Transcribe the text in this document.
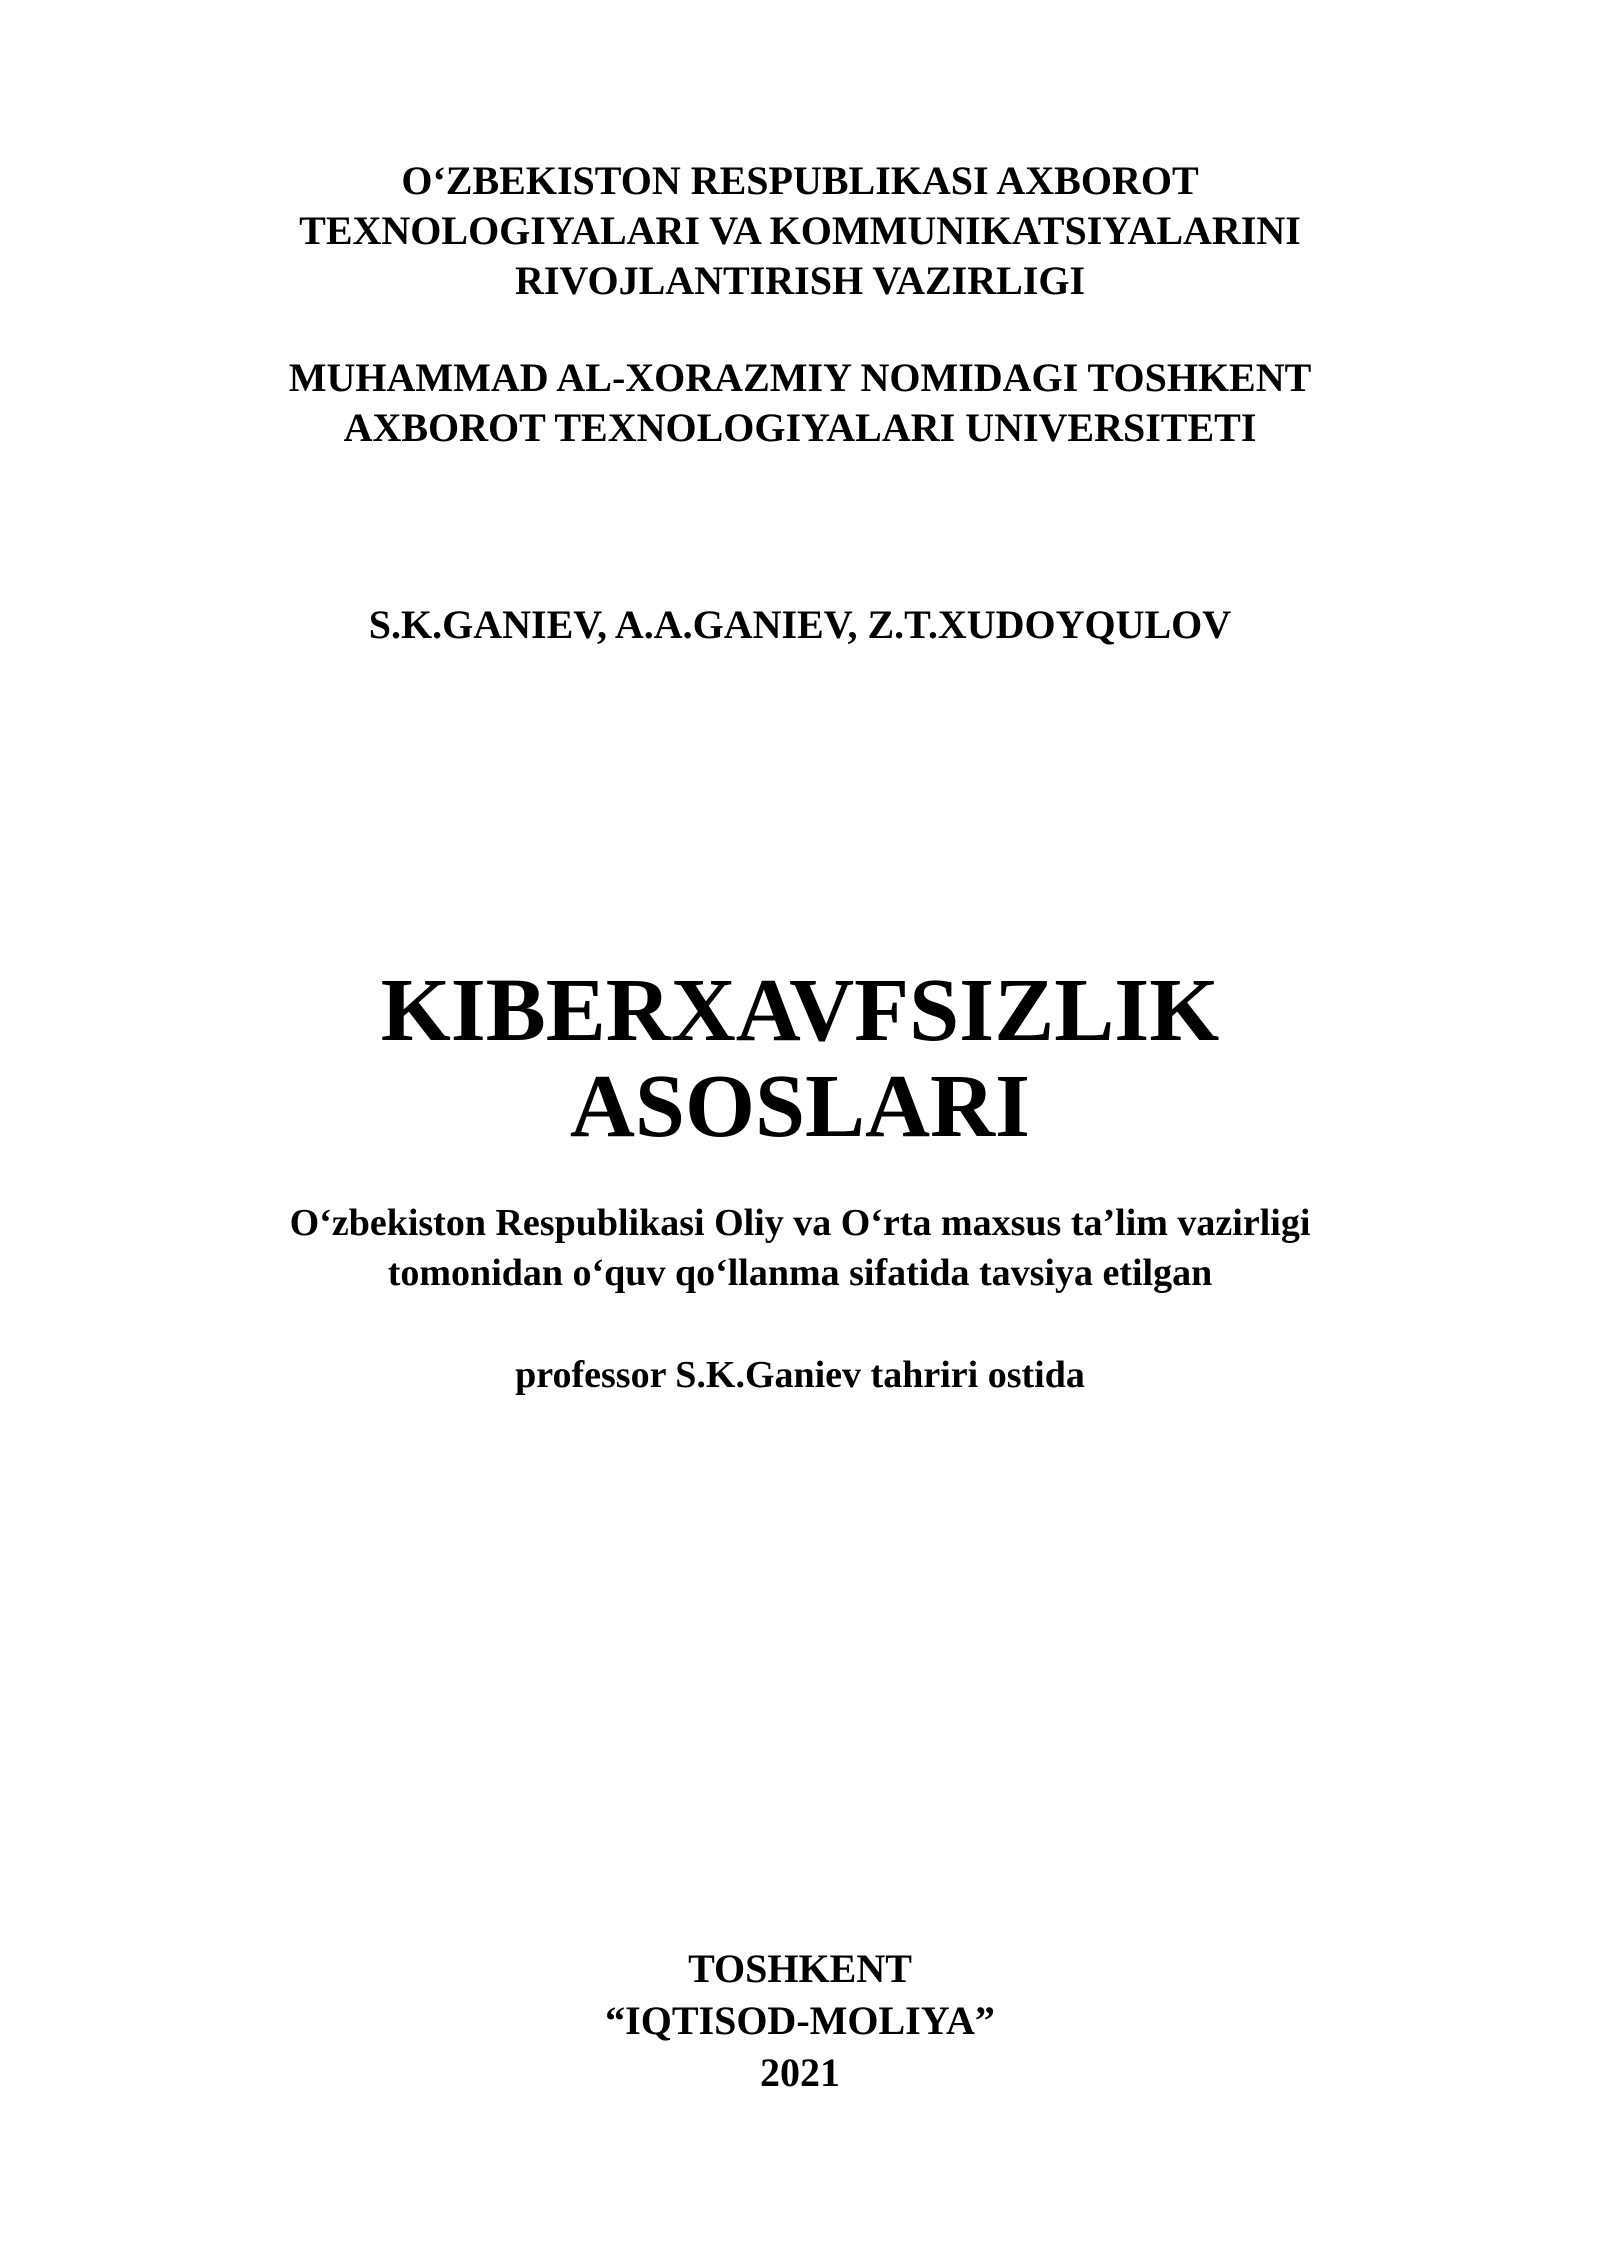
O‘ZBEKISTON RESPUBLIKASI AXBOROT

TEXNOLOGIYALARI VA KOMMUNIKATSIYALARINI

RIVOJLANTIRISH VAZIRLIGI

MUHAMMAD AL-XORAZMIY NOMIDAGI TOSHKENT

AXBOROT TEXNOLOGIYALARI UNIVERSITETI

S.K.GANIEV, A.A.GANIEV, Z.T.XUDOYQULOV

KIBERXAVFSIZLIK

ASOSLARI

O‘zbekiston Respublikasi Oliy va O‘rta maxsus ta’lim vazirligi

tomonidan o‘quv qo‘llanma sifatida tavsiya etilgan

professor S.K.Ganiev tahriri ostida

TOSHKENT

“IQTISOD-MOLIYA”

2021
